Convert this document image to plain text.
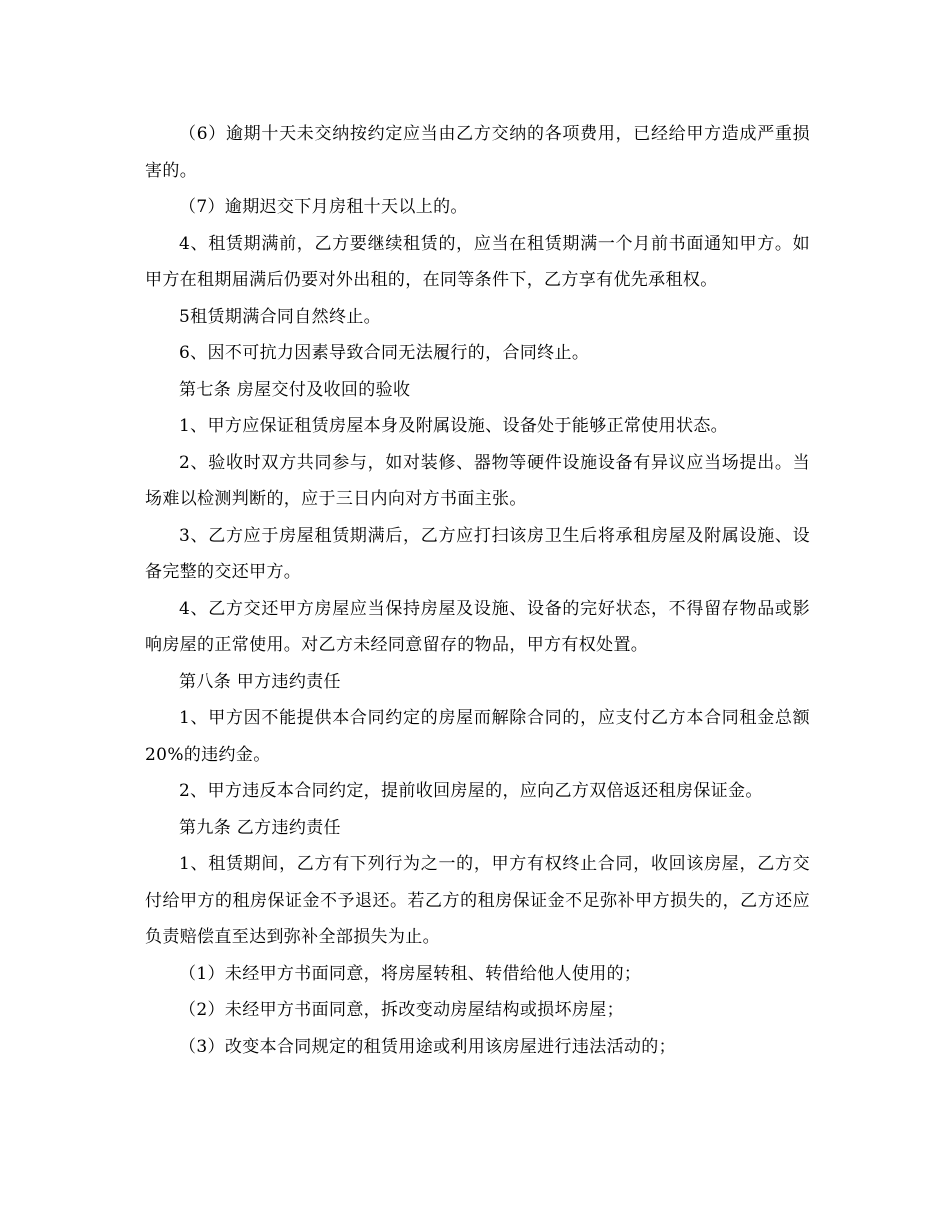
（6）逾期十天未交纳按约定应当由乙方交纳的各项费用，已经给甲方造成严重损害的。

（7）逾期迟交下月房租十天以上的。

4、租赁期满前，乙方要继续租赁的，应当在租赁期满一个月前书面通知甲方。如甲方在租期届满后仍要对外出租的，在同等条件下，乙方享有优先承租权。

5租赁期满合同自然终止。

6、因不可抗力因素导致合同无法履行的，合同终止。

第七条 房屋交付及收回的验收

1、甲方应保证租赁房屋本身及附属设施、设备处于能够正常使用状态。

2、验收时双方共同参与，如对装修、器物等硬件设施设备有异议应当场提出。当场难以检测判断的，应于三日内向对方书面主张。

3、乙方应于房屋租赁期满后，乙方应打扫该房卫生后将承租房屋及附属设施、设备完整的交还甲方。

4、乙方交还甲方房屋应当保持房屋及设施、设备的完好状态，不得留存物品或影响房屋的正常使用。对乙方未经同意留存的物品，甲方有权处置。

第八条 甲方违约责任

1、甲方因不能提供本合同约定的房屋而解除合同的，应支付乙方本合同租金总额20%的违约金。

2、甲方违反本合同约定，提前收回房屋的，应向乙方双倍返还租房保证金。

第九条 乙方违约责任

1、租赁期间，乙方有下列行为之一的，甲方有权终止合同，收回该房屋，乙方交付给甲方的租房保证金不予退还。若乙方的租房保证金不足弥补甲方损失的，乙方还应负责赔偿直至达到弥补全部损失为止。

（1）未经甲方书面同意，将房屋转租、转借给他人使用的；

（2）未经甲方书面同意，拆改变动房屋结构或损坏房屋；

（3）改变本合同规定的租赁用途或利用该房屋进行违法活动的；
